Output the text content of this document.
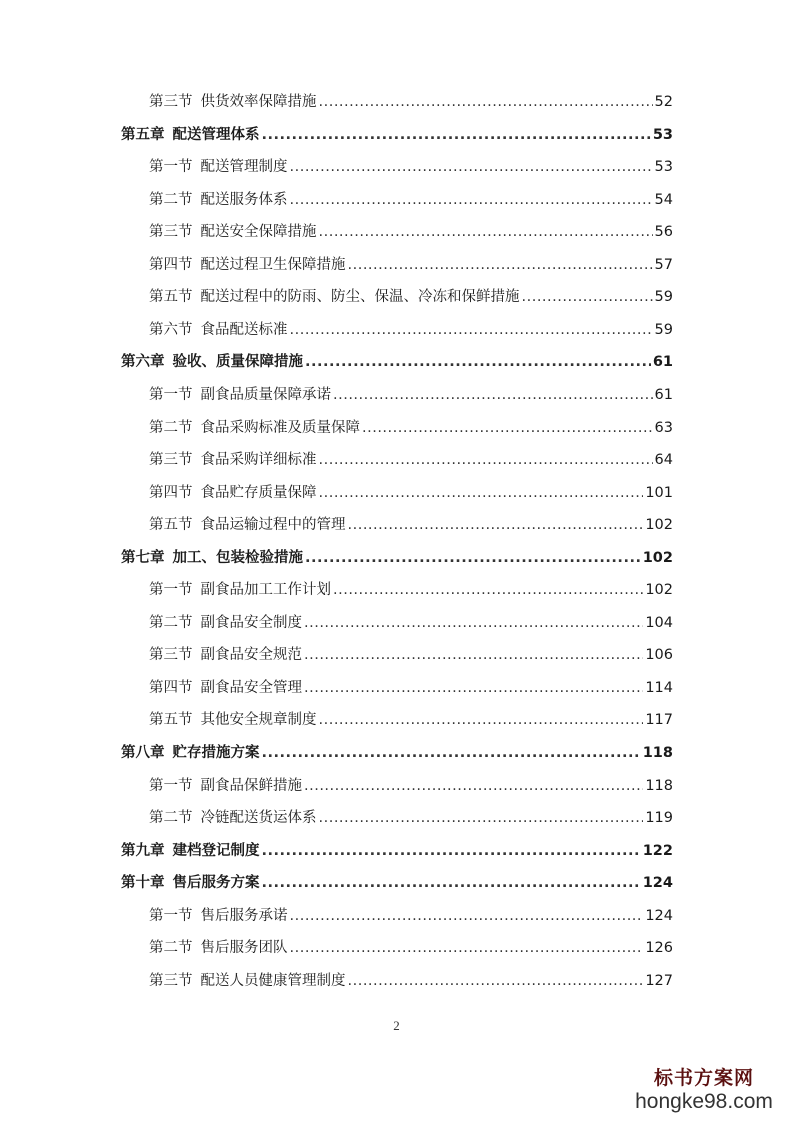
第三节 供货效率保障措施 .....	52
第五章 配送管理体系 .....	53
第一节 配送管理制度 .....	53
第二节 配送服务体系 .....	54
第三节 配送安全保障措施 .....	56
第四节 配送过程卫生保障措施 .....	57
第五节 配送过程中的防雨、防尘、保温、冷冻和保鲜措施 .....	59
第六节 食品配送标准 .....	59
第六章 验收、质量保障措施 .....	61
第一节 副食品质量保障承诺 .....	61
第二节 食品采购标准及质量保障 .....	63
第三节 食品采购详细标准 .....	64
第四节 食品贮存质量保障 .....	101
第五节 食品运输过程中的管理 .....	102
第七章 加工、包装检验措施 .....	102
第一节 副食品加工工作计划 .....	102
第二节 副食品安全制度 .....	104
第三节 副食品安全规范 .....	106
第四节 副食品安全管理 .....	114
第五节 其他安全规章制度 .....	117
第八章 贮存措施方案 .....	118
第一节 副食品保鲜措施 .....	118
第二节 冷链配送货运体系 .....	119
第九章 建档登记制度 .....	122
第十章 售后服务方案 .....	124
第一节 售后服务承诺 .....	124
第二节 售后服务团队 .....	126
第三节 配送人员健康管理制度 .....	127
2
标书方案网
hongke98.com
